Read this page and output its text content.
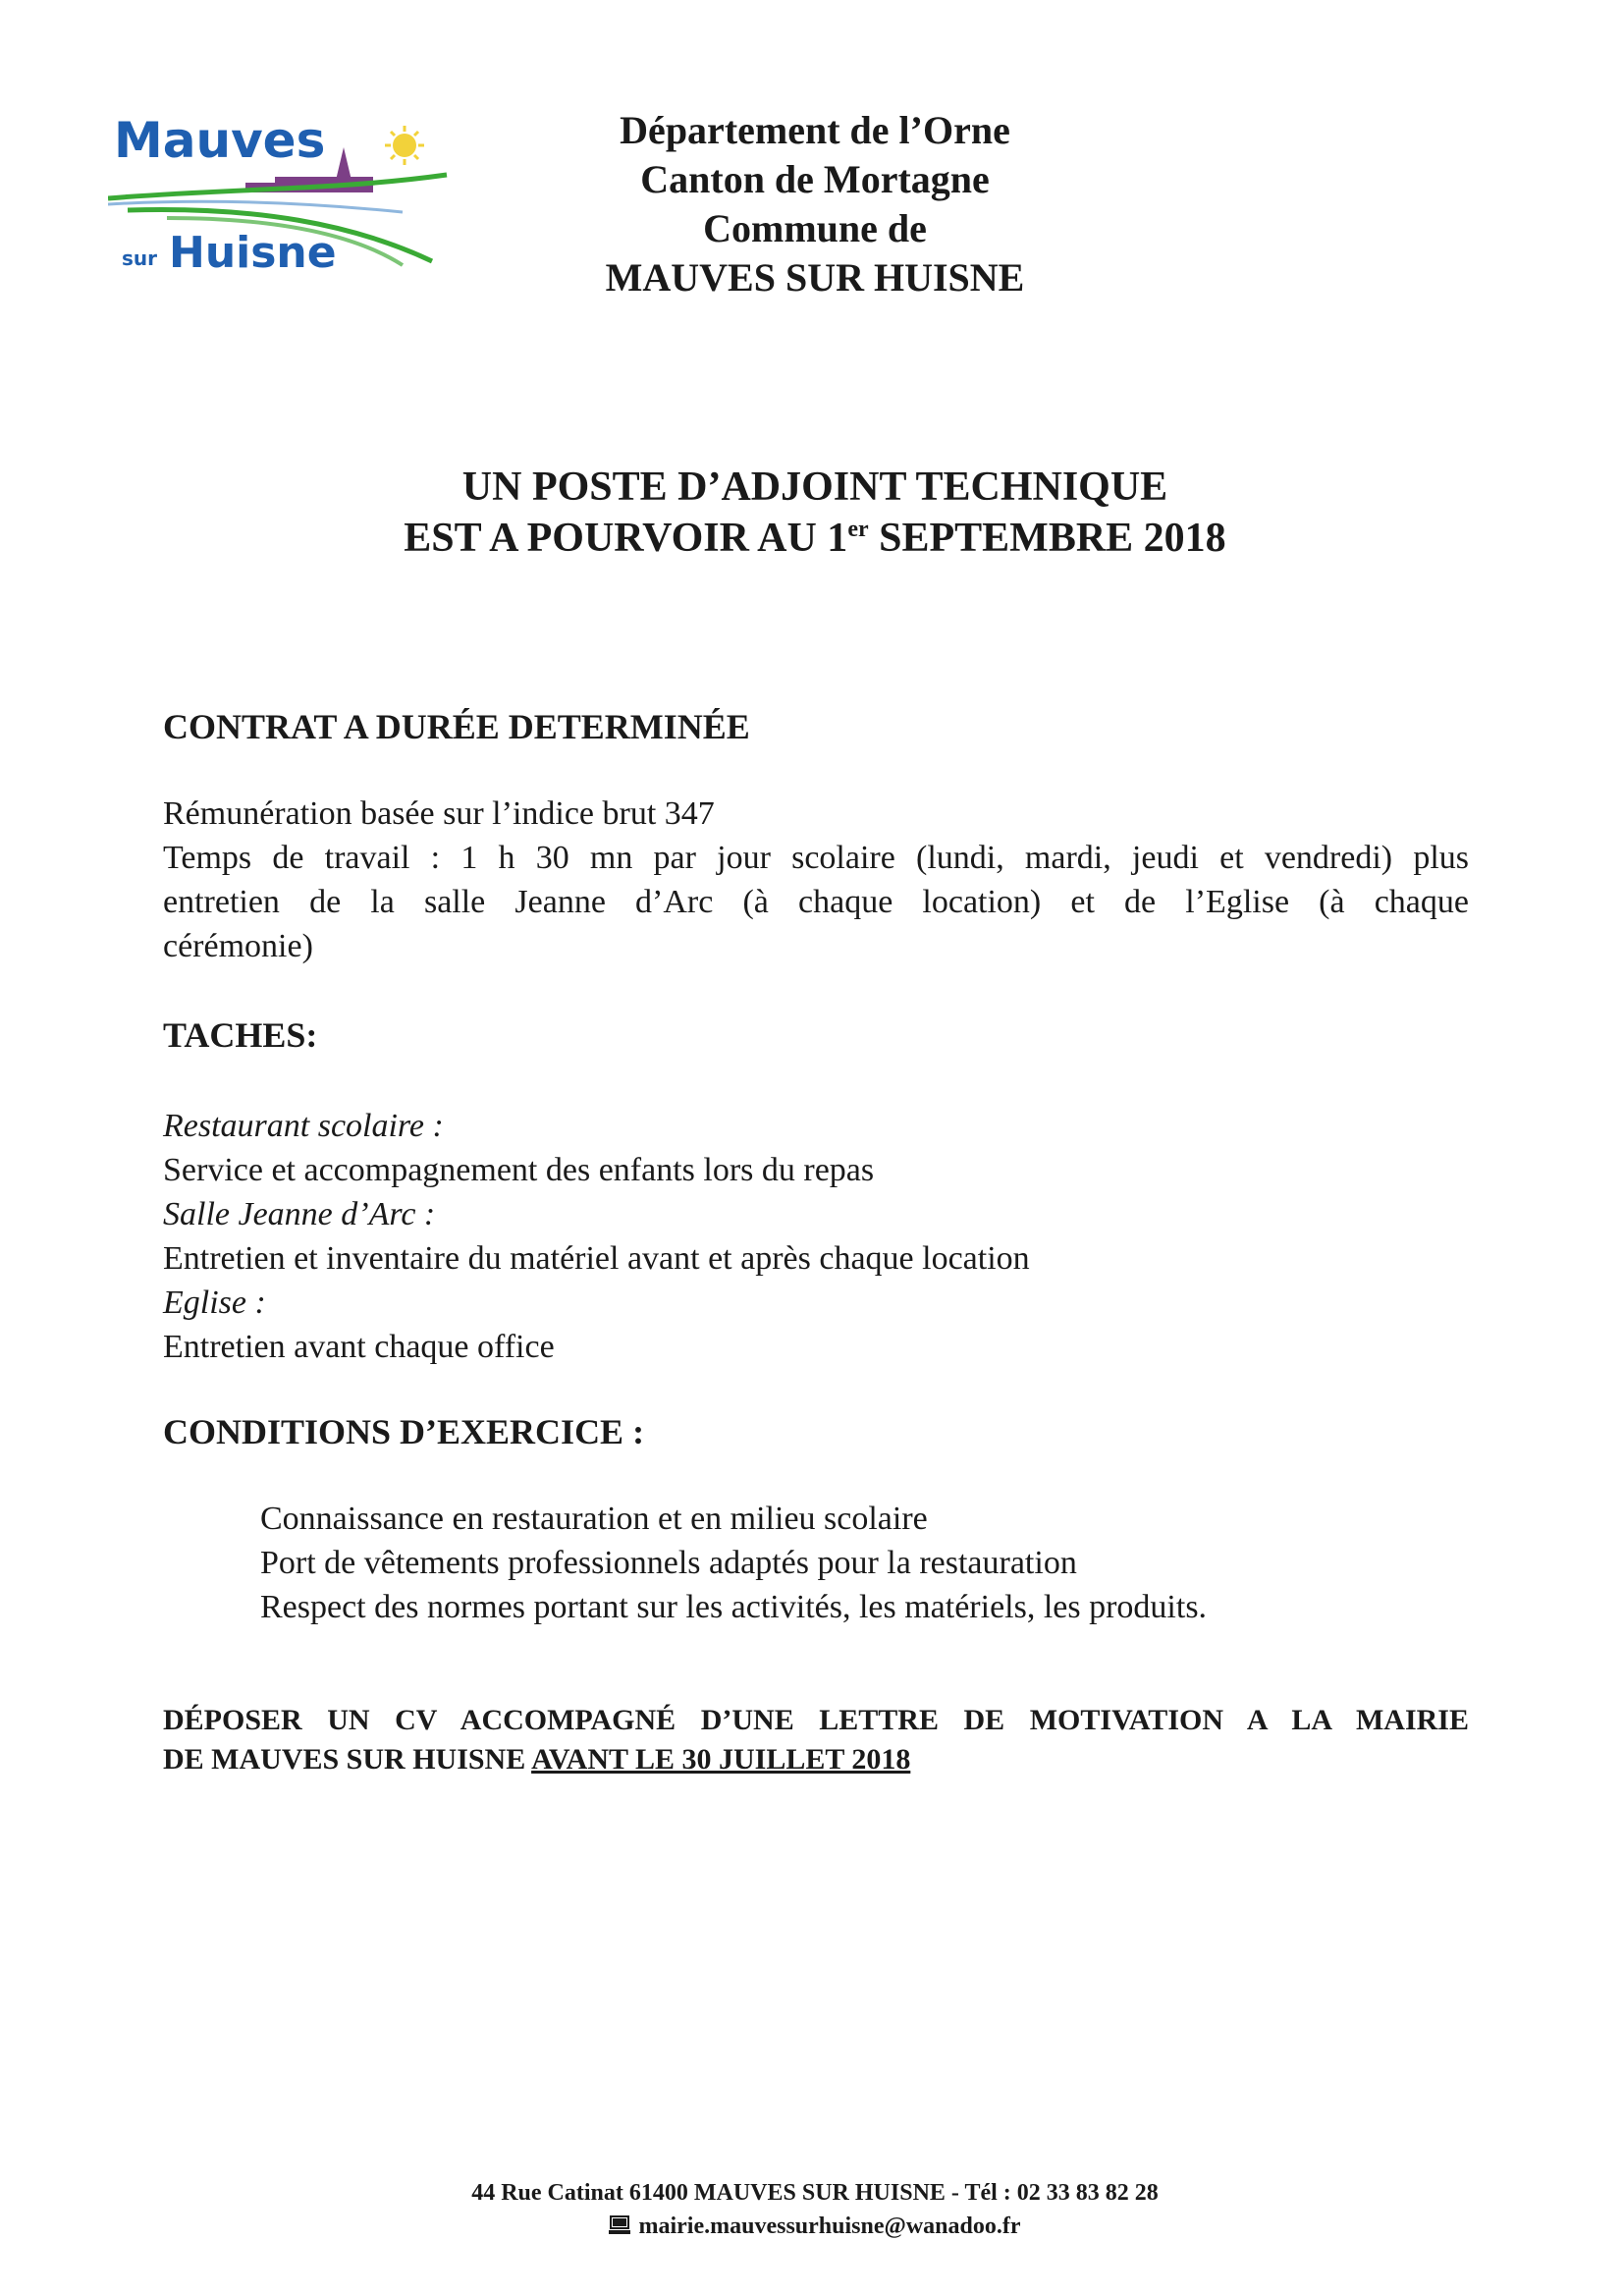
Mauves
sur Huisne
Département de l’Orne
Canton de Mortagne
Commune de
MAUVES SUR HUISNE
UN POSTE D’ADJOINT TECHNIQUE
EST A POURVOIR AU 1er SEPTEMBRE 2018
CONTRAT A DURÉE DETERMINÉE
Rémunération basée sur l’indice brut 347
Temps de travail : 1 h 30 mn par jour scolaire (lundi, mardi, jeudi et vendredi) plus
entretien de la salle Jeanne d’Arc (à chaque location) et de l’Eglise (à chaque
cérémonie)
TACHES:
Restaurant scolaire :
Service et accompagnement des enfants lors du repas
Salle Jeanne d’Arc :
Entretien et inventaire du matériel avant et après chaque location
Eglise :
Entretien avant chaque office
CONDITIONS D’EXERCICE :
Connaissance en restauration et en milieu scolaire
Port de vêtements professionnels adaptés pour la restauration
Respect des normes portant sur les activités, les matériels, les produits.
DÉPOSER UN CV ACCOMPAGNÉ D’UNE LETTRE DE MOTIVATION A LA MAIRIE
DE MAUVES SUR HUISNE AVANT LE 30 JUILLET 2018
44 Rue Catinat 61400 MAUVES SUR HUISNE - Tél : 02 33 83 82 28
mairie.mauvessurhuisne@wanadoo.fr
